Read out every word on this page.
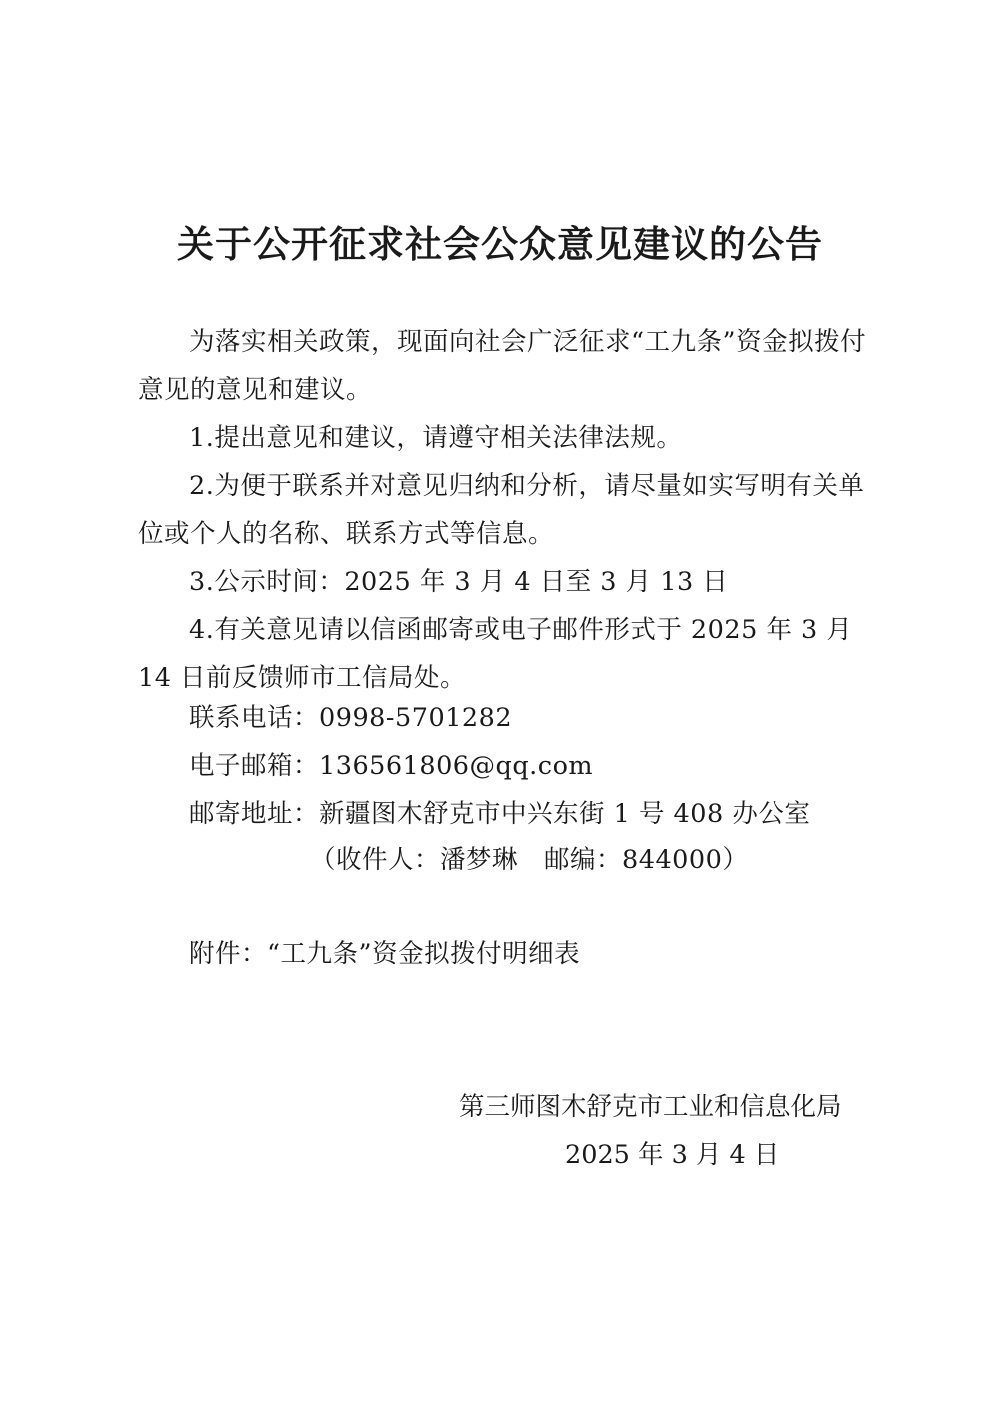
关于公开征求社会公众意见建议的公告

为落实相关政策，现面向社会广泛征求“工九条”资金拟拨付意见的意见和建议。

1.提出意见和建议，请遵守相关法律法规。

2.为便于联系并对意见归纳和分析，请尽量如实写明有关单位或个人的名称、联系方式等信息。

3.公示时间：2025 年 3 月 4 日至 3 月 13 日

4.有关意见请以信函邮寄或电子邮件形式于 2025 年 3 月 14 日前反馈师市工信局处。

联系电话：0998-5701282
电子邮箱：136561806@qq.com
邮寄地址：新疆图木舒克市中兴东街 1 号 408 办公室
（收件人：潘梦琳　邮编：844000）
附件：“工九条”资金拟拨付明细表
第三师图木舒克市工业和信息化局
2025 年 3 月 4 日
